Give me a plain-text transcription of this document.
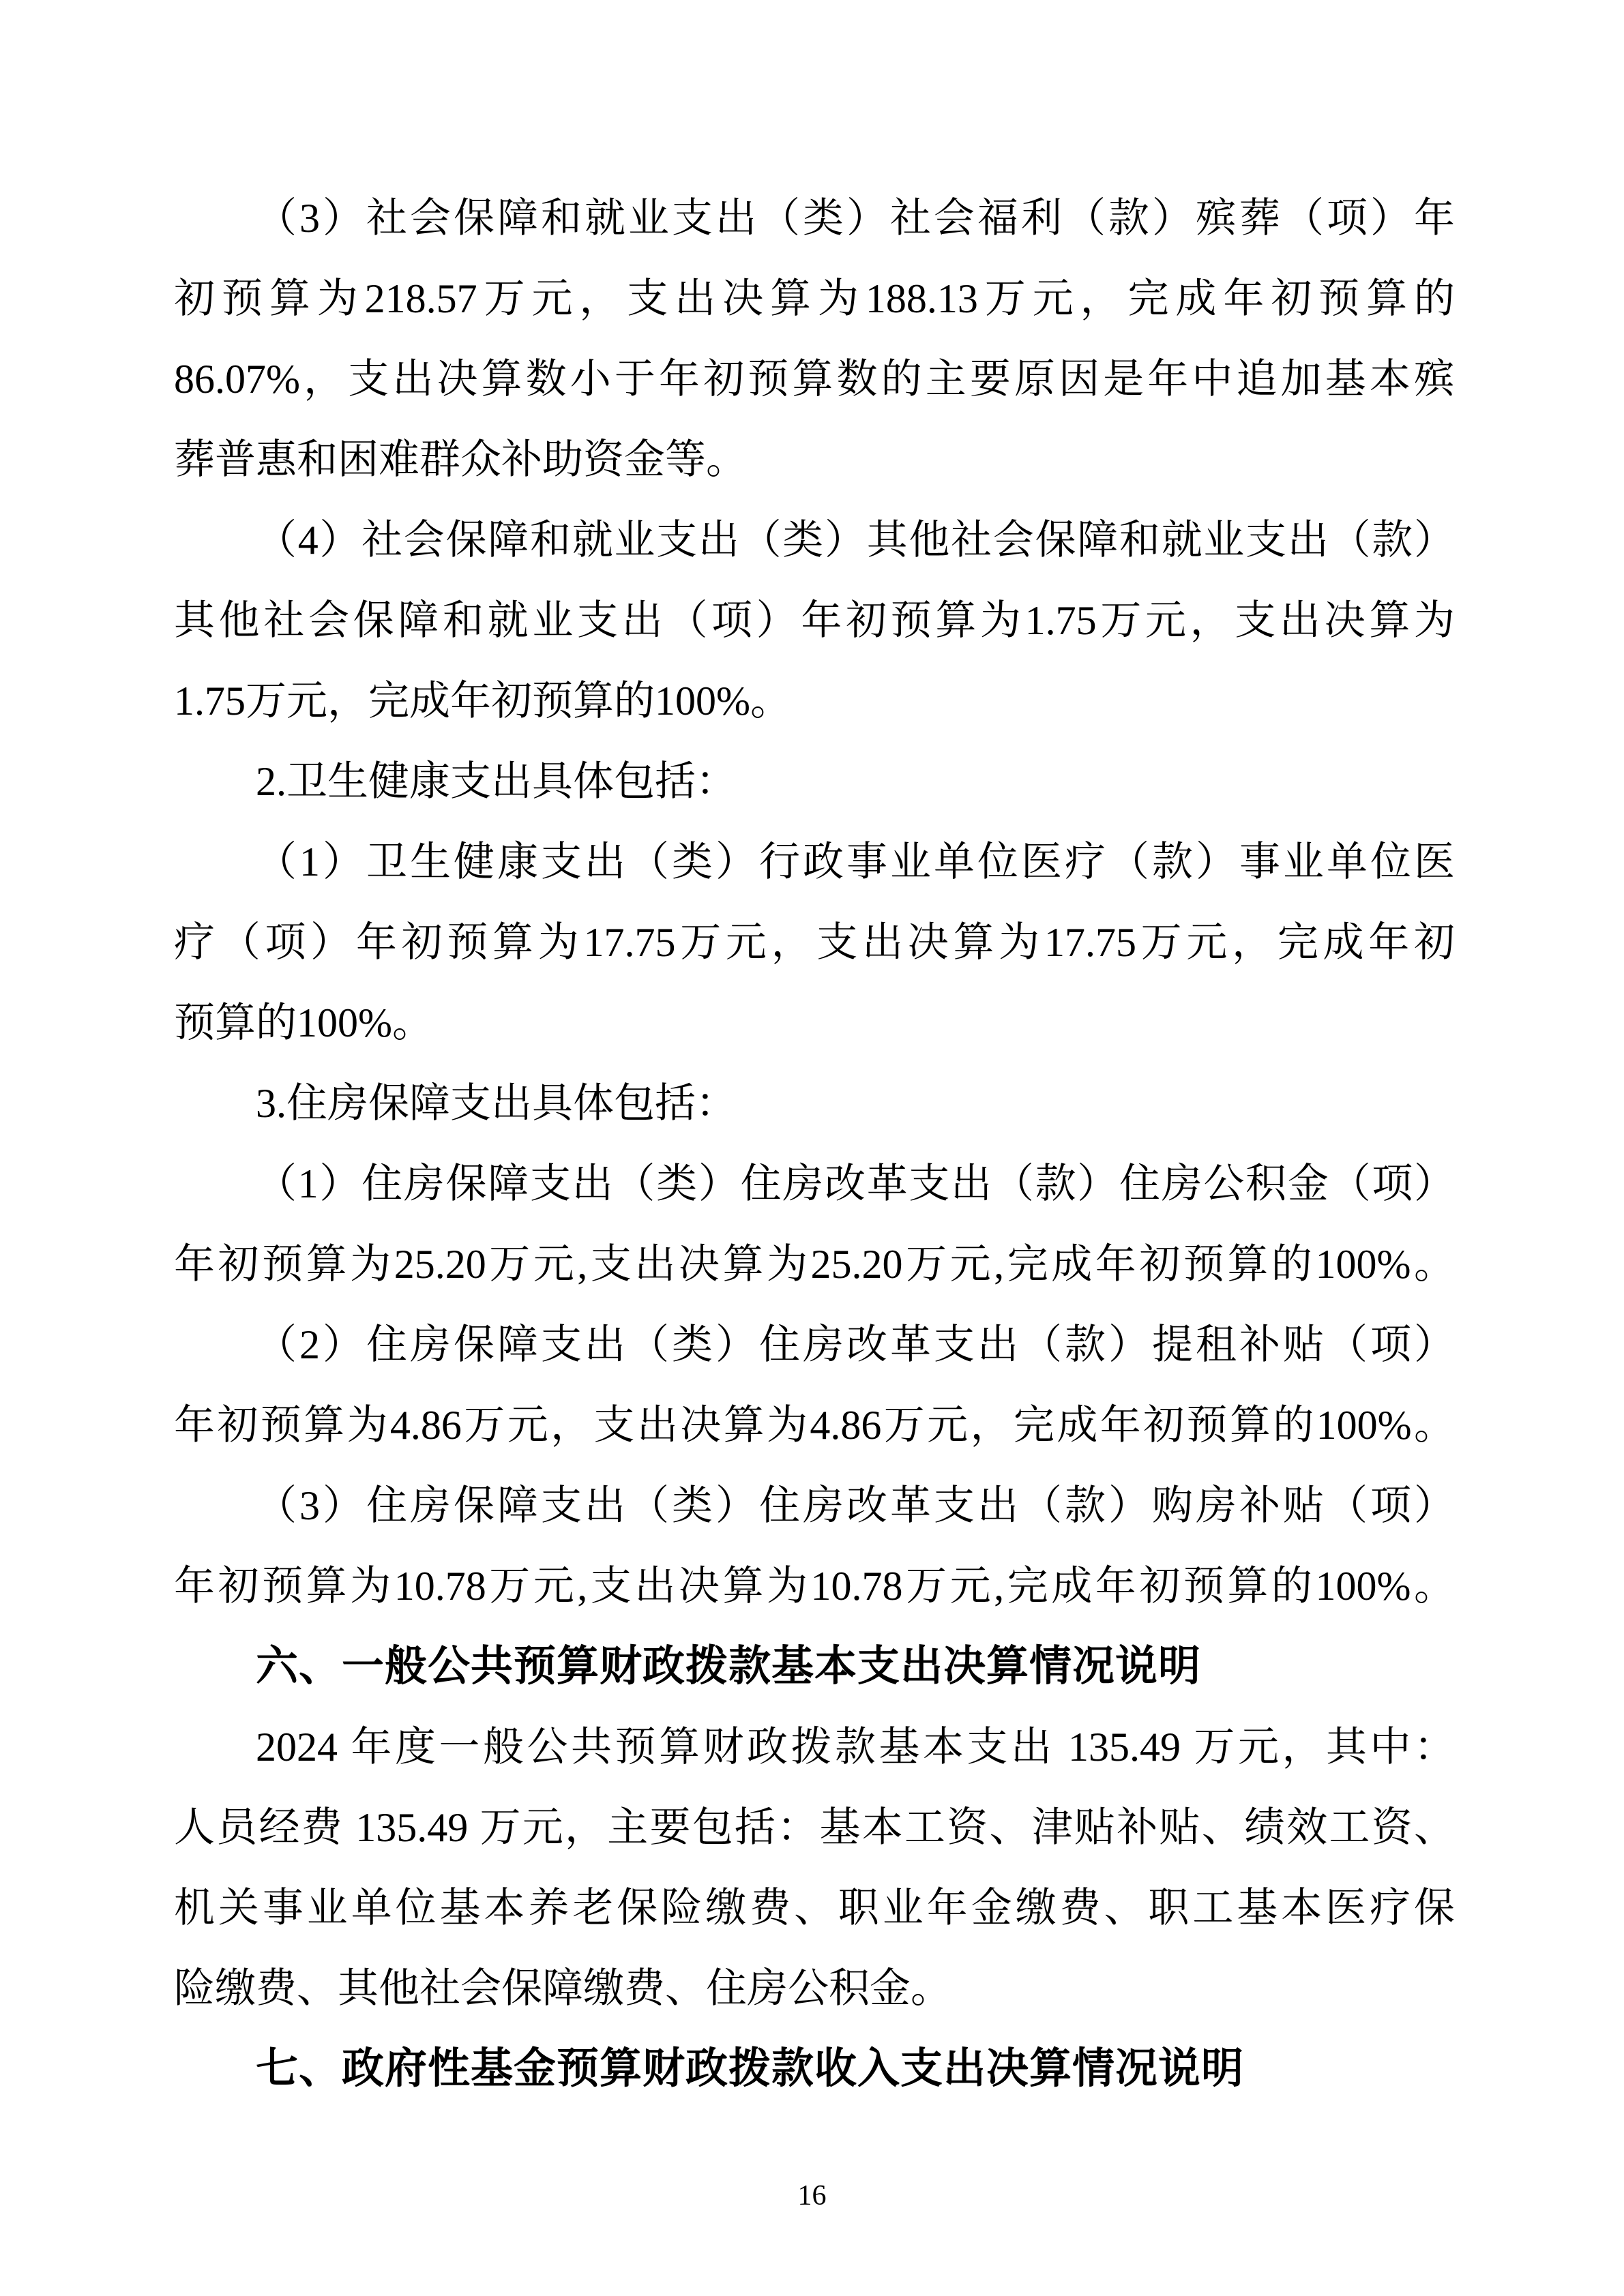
（3）社会保障和就业支出（类）社会福利（款）殡葬（项）年
初预算为218.57万元，支出决算为188.13万元，完成年初预算的
86.07%，支出决算数小于年初预算数的主要原因是年中追加基本殡
葬普惠和困难群众补助资金等。
（4）社会保障和就业支出（类）其他社会保障和就业支出（款）
其他社会保障和就业支出（项）年初预算为1.75万元，支出决算为
1.75万元，完成年初预算的100%。
2.卫生健康支出具体包括：
（1）卫生健康支出（类）行政事业单位医疗（款）事业单位医
疗（项）年初预算为17.75万元，支出决算为17.75万元，完成年初
预算的100%。
3.住房保障支出具体包括：
（1）住房保障支出（类）住房改革支出（款）住房公积金（项）
年初预算为25.20万元,支出决算为25.20万元,完成年初预算的100%。
（2）住房保障支出（类）住房改革支出（款）提租补贴（项）
年初预算为4.86万元，支出决算为4.86万元，完成年初预算的100%。
（3）住房保障支出（类）住房改革支出（款）购房补贴（项）
年初预算为10.78万元,支出决算为10.78万元,完成年初预算的100%。
六、一般公共预算财政拨款基本支出决算情况说明
2024 年度一般公共预算财政拨款基本支出 135.49 万元，其中：
人员经费 135.49 万元，主要包括：基本工资、津贴补贴、绩效工资、
机关事业单位基本养老保险缴费、职业年金缴费、职工基本医疗保
险缴费、其他社会保障缴费、住房公积金。
七、政府性基金预算财政拨款收入支出决算情况说明
16
